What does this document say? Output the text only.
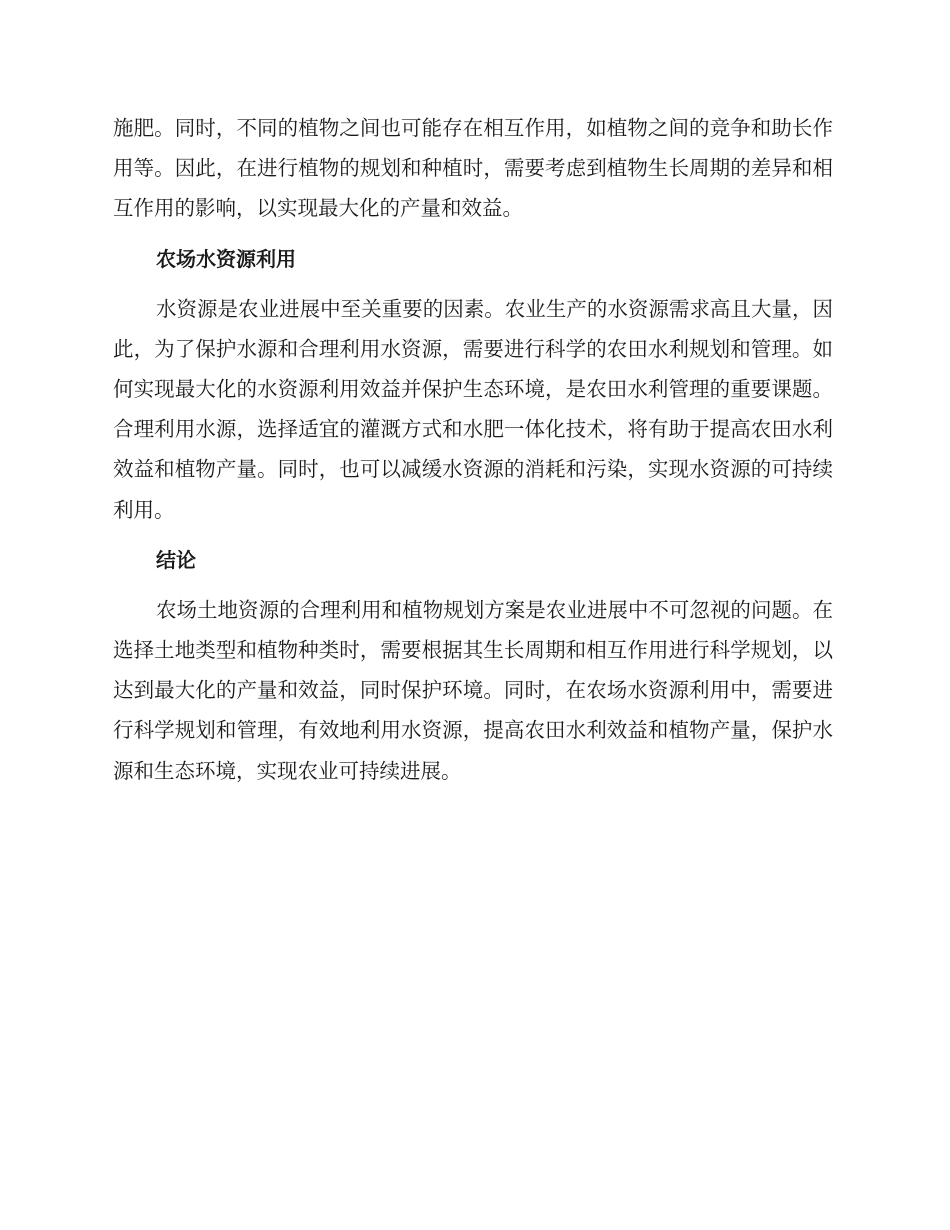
施肥。同时，不同的植物之间也可能存在相互作用，如植物之间的竞争和助长作用等。因此，在进行植物的规划和种植时，需要考虑到植物生长周期的差异和相互作用的影响，以实现最大化的产量和效益。

农场水资源利用

水资源是农业进展中至关重要的因素。农业生产的水资源需求高且大量，因此，为了保护水源和合理利用水资源，需要进行科学的农田水利规划和管理。如何实现最大化的水资源利用效益并保护生态环境，是农田水利管理的重要课题。合理利用水源，选择适宜的灌溉方式和水肥一体化技术，将有助于提高农田水利效益和植物产量。同时，也可以减缓水资源的消耗和污染，实现水资源的可持续利用。

结论

农场土地资源的合理利用和植物规划方案是农业进展中不可忽视的问题。在选择土地类型和植物种类时，需要根据其生长周期和相互作用进行科学规划，以达到最大化的产量和效益，同时保护环境。同时，在农场水资源利用中，需要进行科学规划和管理，有效地利用水资源，提高农田水利效益和植物产量，保护水源和生态环境，实现农业可持续进展。
